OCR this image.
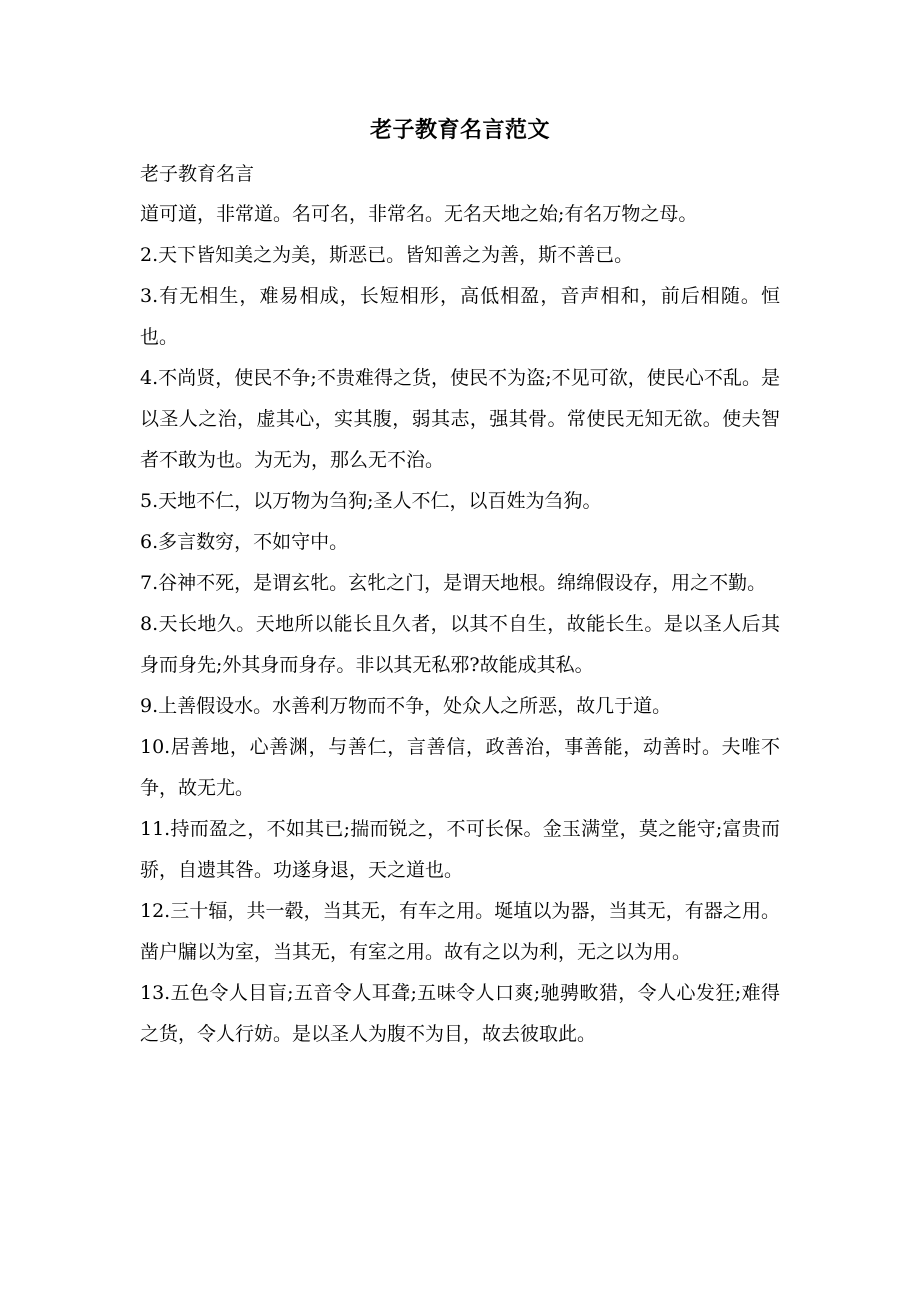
老子教育名言范文

老子教育名言

道可道，非常道。名可名，非常名。无名天地之始;有名万物之母。

2.天下皆知美之为美，斯恶已。皆知善之为善，斯不善已。

3.有无相生，难易相成，长短相形，高低相盈，音声相和，前后相随。恒也。

4.不尚贤，使民不争;不贵难得之货，使民不为盗;不见可欲，使民心不乱。是以圣人之治，虚其心，实其腹，弱其志，强其骨。常使民无知无欲。使夫智者不敢为也。为无为，那么无不治。

5.天地不仁，以万物为刍狗;圣人不仁，以百姓为刍狗。

6.多言数穷，不如守中。

7.谷神不死，是谓玄牝。玄牝之门，是谓天地根。绵绵假设存，用之不勤。

8.天长地久。天地所以能长且久者，以其不自生，故能长生。是以圣人后其身而身先;外其身而身存。非以其无私邪?故能成其私。

9.上善假设水。水善利万物而不争，处众人之所恶，故几于道。

10.居善地，心善渊，与善仁，言善信，政善治，事善能，动善时。夫唯不争，故无尤。

11.持而盈之，不如其已;揣而锐之，不可长保。金玉满堂，莫之能守;富贵而骄，自遗其咎。功遂身退，天之道也。

12.三十辐，共一毂，当其无，有车之用。埏埴以为器，当其无，有器之用。凿户牖以为室，当其无，有室之用。故有之以为利，无之以为用。

13.五色令人目盲;五音令人耳聋;五味令人口爽;驰骋畋猎，令人心发狂;难得之货，令人行妨。是以圣人为腹不为目，故去彼取此。
